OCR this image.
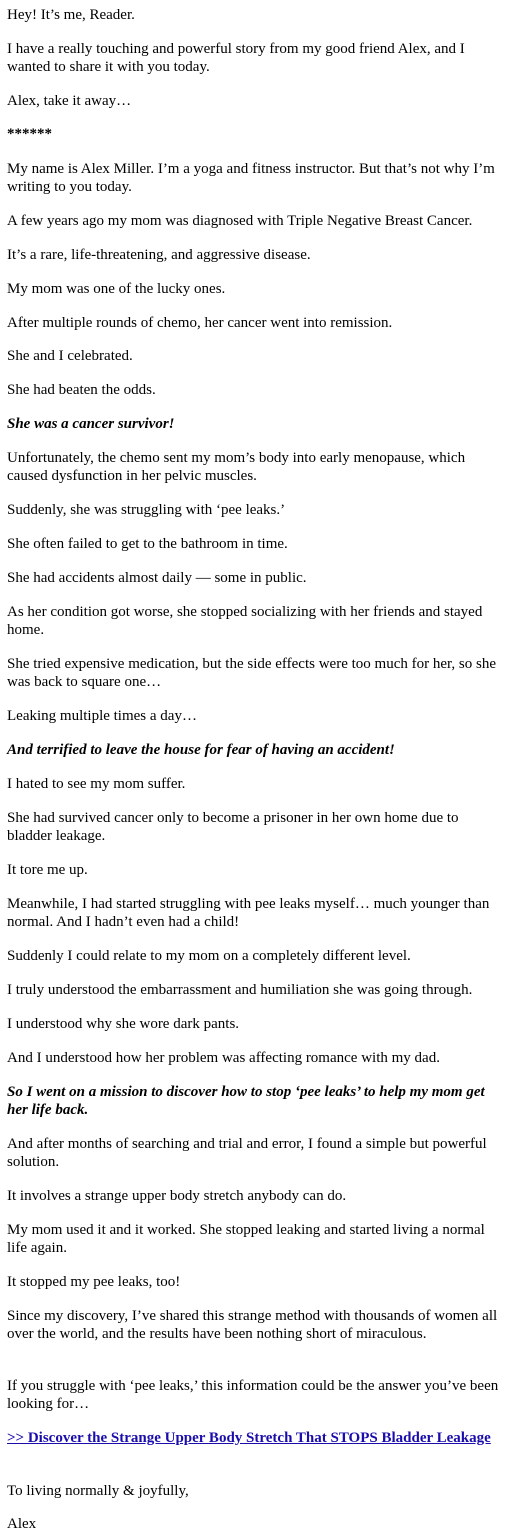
Hey! It’s me, Reader.

I have a really touching and powerful story from my good friend Alex, and I wanted to share it with you today.

Alex, take it away…

******

My name is Alex Miller. I’m a yoga and fitness instructor. But that’s not why I’m writing to you today.

A few years ago my mom was diagnosed with Triple Negative Breast Cancer.

It’s a rare, life-threatening, and aggressive disease.

My mom was one of the lucky ones.

After multiple rounds of chemo, her cancer went into remission.

She and I celebrated.

She had beaten the odds.

She was a cancer survivor!

Unfortunately, the chemo sent my mom’s body into early menopause, which caused dysfunction in her pelvic muscles.

Suddenly, she was struggling with ‘pee leaks.’

She often failed to get to the bathroom in time.

She had accidents almost daily — some in public.

As her condition got worse, she stopped socializing with her friends and stayed home.

She tried expensive medication, but the side effects were too much for her, so she was back to square one…

Leaking multiple times a day…

And terrified to leave the house for fear of having an accident!

I hated to see my mom suffer.

She had survived cancer only to become a prisoner in her own home due to bladder leakage.

It tore me up.

Meanwhile, I had started struggling with pee leaks myself… much younger than normal. And I hadn’t even had a child!

Suddenly I could relate to my mom on a completely different level.

I truly understood the embarrassment and humiliation she was going through.

I understood why she wore dark pants.

And I understood how her problem was affecting romance with my dad.

So I went on a mission to discover how to stop ‘pee leaks’ to help my mom get her life back.

And after months of searching and trial and error, I found a simple but powerful solution.

It involves a strange upper body stretch anybody can do.

My mom used it and it worked. She stopped leaking and started living a normal life again.

It stopped my pee leaks, too!

Since my discovery, I’ve shared this strange method with thousands of women all over the world, and the results have been nothing short of miraculous.

If you struggle with ‘pee leaks,’ this information could be the answer you’ve been looking for…

>> Discover the Strange Upper Body Stretch That STOPS Bladder Leakage

To living normally & joyfully,

Alex
